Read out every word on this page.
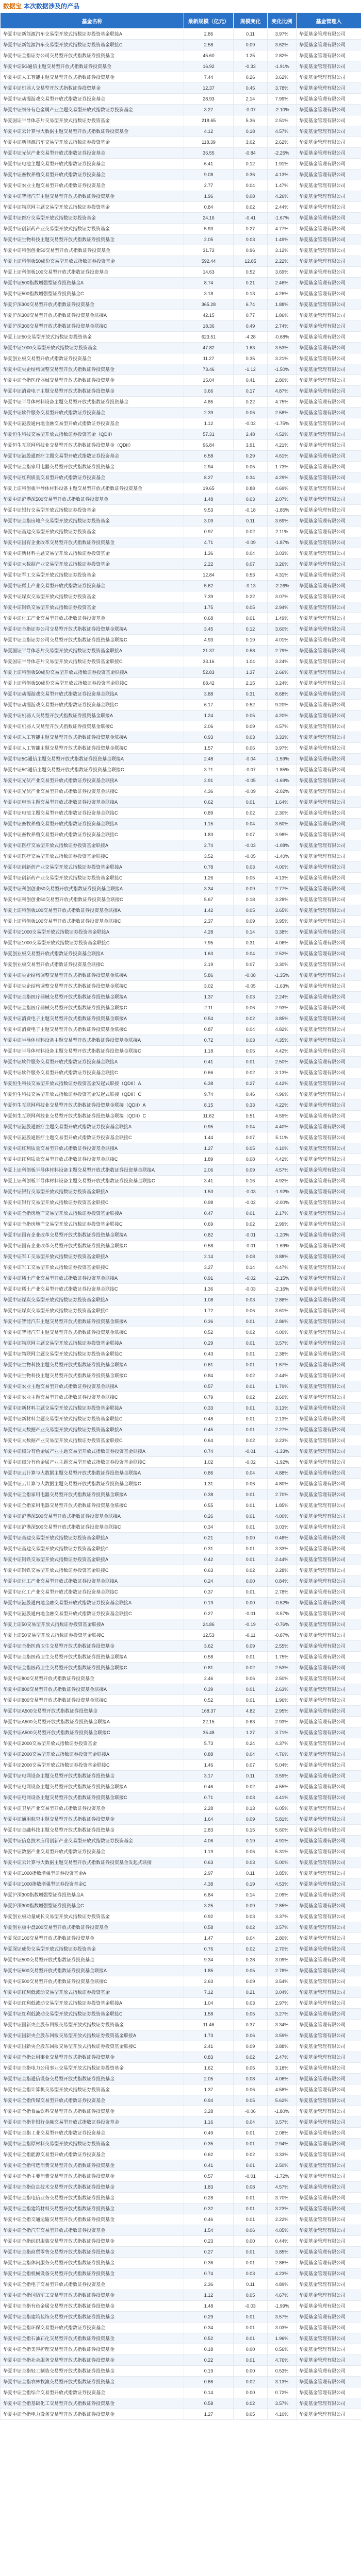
数据宝 本次数据涉及的产品
基金名称	最新规模（亿元）	规模变化	变化比例	基金管理人
华夏中证新能源汽车交易型开放式指数证券投资基金联接A	2.86	0.11	3.97%	华夏基金管理有限公司
华夏中证新能源汽车交易型开放式指数证券投资基金联接C	2.58	0.09	3.62%	华夏基金管理有限公司
华夏中证全指证券公司交易型开放式指数证券投资基金	45.60	1.25	2.82%	华夏基金管理有限公司
华夏中证5G通信主题交易型开放式指数证券投资基金	16.92	-0.33	-1.91%	华夏基金管理有限公司
华夏中证人工智能主题交易型开放式指数证券投资基金	7.44	0.26	3.62%	华夏基金管理有限公司
华夏中证机器人交易型开放式指数证券投资基金	12.37	0.45	3.78%	华夏基金管理有限公司
华夏中证动漫游戏交易型开放式指数证券投资基金	28.93	2.14	7.99%	华夏基金管理有限公司
华夏中证细分有色金属产业主题交易型开放式指数证券投资基金	3.27	-0.07	-2.10%	华夏基金管理有限公司
华夏国证半导体芯片交易型开放式指数证券投资基金	218.65	5.36	2.51%	华夏基金管理有限公司
华夏中证云计算与大数据主题交易型开放式指数证券投资基金	4.12	0.18	4.57%	华夏基金管理有限公司
华夏中证新能源汽车交易型开放式指数证券投资基金	118.39	3.02	2.62%	华夏基金管理有限公司
华夏中证光伏产业交易型开放式指数证券投资基金	36.55	-0.84	-2.25%	华夏基金管理有限公司
华夏中证电池主题交易型开放式指数证券投资基金	6.41	0.12	1.91%	华夏基金管理有限公司
华夏中证畜牧养殖交易型开放式指数证券投资基金	9.08	0.36	4.13%	华夏基金管理有限公司
华夏中证农业主题交易型开放式指数证券投资基金	2.77	0.04	1.47%	华夏基金管理有限公司
华夏中证智能汽车主题交易型开放式指数证券投资基金	1.96	0.08	4.26%	华夏基金管理有限公司
华夏中证物联网主题交易型开放式指数证券投资基金	0.84	0.02	2.44%	华夏基金管理有限公司
华夏中证医疗交易型开放式指数证券投资基金	24.16	-0.41	-1.67%	华夏基金管理有限公司
华夏中证创新药产业交易型开放式指数证券投资基金	5.93	0.27	4.77%	华夏基金管理有限公司
华夏中证生物科技主题交易型开放式指数证券投资基金	2.05	0.03	1.49%	华夏基金管理有限公司
华夏中证科创创业50交易型开放式指数证券投资基金	31.72	0.96	3.12%	华夏基金管理有限公司
华夏上证科创板50成份交易型开放式指数证券投资基金	592.44	12.85	2.22%	华夏基金管理有限公司
华夏上证科创板100交易型开放式指数证券投资基金	14.63	0.52	3.69%	华夏基金管理有限公司
华夏中证500指数增强型证券投资基金A	8.74	0.21	2.46%	华夏基金管理有限公司
华夏中证500指数增强型证券投资基金C	3.18	0.13	4.26%	华夏基金管理有限公司
华夏沪深300交易型开放式指数证券投资基金	365.28	6.74	1.88%	华夏基金管理有限公司
华夏沪深300交易型开放式指数证券投资基金联接A	42.15	0.77	1.86%	华夏基金管理有限公司
华夏沪深300交易型开放式指数证券投资基金联接C	18.36	0.49	2.74%	华夏基金管理有限公司
华夏上证50交易型开放式指数证券投资基金	623.51	-4.28	-0.68%	华夏基金管理有限公司
华夏中证1000交易型开放式指数证券投资基金	47.82	1.63	3.53%	华夏基金管理有限公司
华夏创业板交易型开放式指数证券投资基金	11.27	0.35	3.21%	华夏基金管理有限公司
华夏中证央企结构调整交易型开放式指数证券投资基金	73.46	-1.12	-1.50%	华夏基金管理有限公司
华夏中证全指医疗器械交易型开放式指数证券投资基金	15.04	0.41	2.80%	华夏基金管理有限公司
华夏中证消费电子主题交易型开放式指数证券投资基金	3.66	0.17	4.87%	华夏基金管理有限公司
华夏中证半导体材料设备主题交易型开放式指数证券投资基金	4.85	0.22	4.75%	华夏基金管理有限公司
华夏中证软件服务交易型开放式指数证券投资基金	2.39	0.06	2.58%	华夏基金管理有限公司
华夏中证港股通内地金融交易型开放式指数证券投资基金	1.12	-0.02	-1.75%	华夏基金管理有限公司
华夏恒生科技交易型开放式指数证券投资基金（QDII）	57.31	2.48	4.52%	华夏基金管理有限公司
华夏恒生互联网科技业交易型开放式指数证券投资基金（QDII）	96.84	3.91	4.21%	华夏基金管理有限公司
华夏中证港股通医疗主题交易型开放式指数证券投资基金	6.58	0.29	4.61%	华夏基金管理有限公司
华夏中证全指家用电器交易型开放式指数证券投资基金	2.94	0.05	1.73%	华夏基金管理有限公司
华夏中证红利质量交易型开放式指数证券投资基金	8.27	0.34	4.29%	华夏基金管理有限公司
华夏上证科创板半导体材料设备主题交易型开放式指数证券投资基金	19.65	0.88	4.69%	华夏基金管理有限公司
华夏中证沪港深500交易型开放式指数证券投资基金	1.48	0.03	2.07%	华夏基金管理有限公司
华夏中证银行交易型开放式指数证券投资基金	9.53	-0.18	-1.85%	华夏基金管理有限公司
华夏中证全指房地产交易型开放式指数证券投资基金	3.09	0.11	3.69%	华夏基金管理有限公司
华夏中证基建交易型开放式指数证券投资基金	0.97	0.02	2.11%	华夏基金管理有限公司
华夏中证国有企业改革交易型开放式指数证券投资基金	4.71	-0.09	-1.87%	华夏基金管理有限公司
华夏中证新材料主题交易型开放式指数证券投资基金	1.36	0.04	3.03%	华夏基金管理有限公司
华夏中证大数据产业交易型开放式指数证券投资基金	2.22	0.07	3.26%	华夏基金管理有限公司
华夏中证军工交易型开放式指数证券投资基金	12.84	0.53	4.31%	华夏基金管理有限公司
华夏中证稀土产业交易型开放式指数证券投资基金	5.62	-0.13	-2.26%	华夏基金管理有限公司
华夏中证煤炭交易型开放式指数证券投资基金	7.39	0.22	3.07%	华夏基金管理有限公司
华夏中证钢铁交易型开放式指数证券投资基金	1.75	0.05	2.94%	华夏基金管理有限公司
华夏中证化工产业交易型开放式指数证券投资基金	0.68	0.01	1.49%	华夏基金管理有限公司
华夏中证全指证券公司交易型开放式指数证券投资基金联接A	3.45	0.12	3.60%	华夏基金管理有限公司
华夏中证全指证券公司交易型开放式指数证券投资基金联接C	4.93	0.19	4.01%	华夏基金管理有限公司
华夏国证半导体芯片交易型开放式指数证券投资基金联接A	21.37	0.58	2.79%	华夏基金管理有限公司
华夏国证半导体芯片交易型开放式指数证券投资基金联接C	33.16	1.04	3.24%	华夏基金管理有限公司
华夏上证科创板50成份交易型开放式指数证券投资基金联接A	52.83	1.37	2.66%	华夏基金管理有限公司
华夏上证科创板50成份交易型开放式指数证券投资基金联接C	68.42	2.15	3.24%	华夏基金管理有限公司
华夏中证动漫游戏交易型开放式指数证券投资基金联接A	3.88	0.31	8.68%	华夏基金管理有限公司
华夏中证动漫游戏交易型开放式指数证券投资基金联接C	6.17	0.52	9.20%	华夏基金管理有限公司
华夏中证机器人交易型开放式指数证券投资基金联接A	1.24	0.05	4.20%	华夏基金管理有限公司
华夏中证机器人交易型开放式指数证券投资基金联接C	2.06	0.09	4.57%	华夏基金管理有限公司
华夏中证人工智能主题交易型开放式指数证券投资基金联接A	0.93	0.03	3.33%	华夏基金管理有限公司
华夏中证人工智能主题交易型开放式指数证券投资基金联接C	1.57	0.06	3.97%	华夏基金管理有限公司
华夏中证5G通信主题交易型开放式指数证券投资基金联接A	2.48	-0.04	-1.59%	华夏基金管理有限公司
华夏中证5G通信主题交易型开放式指数证券投资基金联接C	3.71	-0.07	-1.85%	华夏基金管理有限公司
华夏中证光伏产业交易型开放式指数证券投资基金联接A	2.91	-0.05	-1.69%	华夏基金管理有限公司
华夏中证光伏产业交易型开放式指数证券投资基金联接C	4.36	-0.09	-2.02%	华夏基金管理有限公司
华夏中证电池主题交易型开放式指数证券投资基金联接A	0.62	0.01	1.64%	华夏基金管理有限公司
华夏中证电池主题交易型开放式指数证券投资基金联接C	0.89	0.02	2.30%	华夏基金管理有限公司
华夏中证畜牧养殖交易型开放式指数证券投资基金联接A	1.15	0.04	3.60%	华夏基金管理有限公司
华夏中证畜牧养殖交易型开放式指数证券投资基金联接C	1.83	0.07	3.98%	华夏基金管理有限公司
华夏中证医疗交易型开放式指数证券投资基金联接A	2.74	-0.03	-1.08%	华夏基金管理有限公司
华夏中证医疗交易型开放式指数证券投资基金联接C	3.52	-0.05	-1.40%	华夏基金管理有限公司
华夏中证创新药产业交易型开放式指数证券投资基金联接A	0.78	0.03	4.00%	华夏基金管理有限公司
华夏中证创新药产业交易型开放式指数证券投资基金联接C	1.26	0.05	4.13%	华夏基金管理有限公司
华夏中证科创创业50交易型开放式指数证券投资基金联接A	3.34	0.09	2.77%	华夏基金管理有限公司
华夏中证科创创业50交易型开放式指数证券投资基金联接C	5.67	0.18	3.28%	华夏基金管理有限公司
华夏上证科创板100交易型开放式指数证券投资基金联接A	1.42	0.05	3.65%	华夏基金管理有限公司
华夏上证科创板100交易型开放式指数证券投资基金联接C	2.37	0.09	3.95%	华夏基金管理有限公司
华夏中证1000交易型开放式指数证券投资基金联接A	4.28	0.14	3.38%	华夏基金管理有限公司
华夏中证1000交易型开放式指数证券投资基金联接C	7.95	0.31	4.06%	华夏基金管理有限公司
华夏创业板交易型开放式指数证券投资基金联接A	1.63	0.04	2.52%	华夏基金管理有限公司
华夏创业板交易型开放式指数证券投资基金联接C	2.19	0.07	3.30%	华夏基金管理有限公司
华夏中证央企结构调整交易型开放式指数证券投资基金联接A	5.86	-0.08	-1.35%	华夏基金管理有限公司
华夏中证央企结构调整交易型开放式指数证券投资基金联接C	3.02	-0.05	-1.63%	华夏基金管理有限公司
华夏中证全指医疗器械交易型开放式指数证券投资基金联接A	1.37	0.03	2.24%	华夏基金管理有限公司
华夏中证全指医疗器械交易型开放式指数证券投资基金联接C	2.11	0.06	2.93%	华夏基金管理有限公司
华夏中证消费电子主题交易型开放式指数证券投资基金联接A	0.54	0.02	3.85%	华夏基金管理有限公司
华夏中证消费电子主题交易型开放式指数证券投资基金联接C	0.87	0.04	4.82%	华夏基金管理有限公司
华夏中证半导体材料设备主题交易型开放式指数证券投资基金联接A	0.72	0.03	4.35%	华夏基金管理有限公司
华夏中证半导体材料设备主题交易型开放式指数证券投资基金联接C	1.18	0.05	4.42%	华夏基金管理有限公司
华夏中证软件服务交易型开放式指数证券投资基金联接A	0.41	0.01	2.50%	华夏基金管理有限公司
华夏中证软件服务交易型开放式指数证券投资基金联接C	0.66	0.02	3.13%	华夏基金管理有限公司
华夏恒生科技交易型开放式指数证券投资基金发起式联接（QDII）A	6.38	0.27	4.42%	华夏基金管理有限公司
华夏恒生科技交易型开放式指数证券投资基金发起式联接（QDII）C	9.74	0.46	4.96%	华夏基金管理有限公司
华夏恒生互联网科技业交易型开放式指数证券投资基金联接（QDII）A	8.15	0.33	4.22%	华夏基金管理有限公司
华夏恒生互联网科技业交易型开放式指数证券投资基金联接（QDII）C	11.62	0.51	4.59%	华夏基金管理有限公司
华夏中证港股通医疗主题交易型开放式指数证券投资基金联接A	0.95	0.04	4.40%	华夏基金管理有限公司
华夏中证港股通医疗主题交易型开放式指数证券投资基金联接C	1.44	0.07	5.11%	华夏基金管理有限公司
华夏中证红利质量交易型开放式指数证券投资基金联接A	1.27	0.05	4.10%	华夏基金管理有限公司
华夏中证红利质量交易型开放式指数证券投资基金联接C	1.89	0.08	4.42%	华夏基金管理有限公司
华夏上证科创板半导体材料设备主题交易型开放式指数证券投资基金联接A	2.06	0.09	4.57%	华夏基金管理有限公司
华夏上证科创板半导体材料设备主题交易型开放式指数证券投资基金联接C	3.41	0.16	4.92%	华夏基金管理有限公司
华夏中证银行交易型开放式指数证券投资基金联接A	1.53	-0.03	-1.92%	华夏基金管理有限公司
华夏中证银行交易型开放式指数证券投资基金联接C	0.98	-0.02	-2.00%	华夏基金管理有限公司
华夏中证全指房地产交易型开放式指数证券投资基金联接A	0.47	0.01	2.17%	华夏基金管理有限公司
华夏中证全指房地产交易型开放式指数证券投资基金联接C	0.69	0.02	2.99%	华夏基金管理有限公司
华夏中证国有企业改革交易型开放式指数证券投资基金联接A	0.82	-0.01	-1.20%	华夏基金管理有限公司
华夏中证国有企业改革交易型开放式指数证券投资基金联接C	0.58	-0.01	-1.69%	华夏基金管理有限公司
华夏中证军工交易型开放式指数证券投资基金联接A	2.14	0.08	3.88%	华夏基金管理有限公司
华夏中证军工交易型开放式指数证券投资基金联接C	3.27	0.14	4.47%	华夏基金管理有限公司
华夏中证稀土产业交易型开放式指数证券投资基金联接A	0.91	-0.02	-2.15%	华夏基金管理有限公司
华夏中证稀土产业交易型开放式指数证券投资基金联接C	1.36	-0.03	-2.16%	华夏基金管理有限公司
华夏中证煤炭交易型开放式指数证券投资基金联接A	1.08	0.03	2.86%	华夏基金管理有限公司
华夏中证煤炭交易型开放式指数证券投资基金联接C	1.72	0.06	3.61%	华夏基金管理有限公司
华夏中证智能汽车主题交易型开放式指数证券投资基金联接A	0.36	0.01	2.86%	华夏基金管理有限公司
华夏中证智能汽车主题交易型开放式指数证券投资基金联接C	0.52	0.02	4.00%	华夏基金管理有限公司
华夏中证物联网主题交易型开放式指数证券投资基金联接A	0.29	0.01	3.57%	华夏基金管理有限公司
华夏中证物联网主题交易型开放式指数证券投资基金联接C	0.43	0.01	2.38%	华夏基金管理有限公司
华夏中证生物科技主题交易型开放式指数证券投资基金联接A	0.61	0.01	1.67%	华夏基金管理有限公司
华夏中证生物科技主题交易型开放式指数证券投资基金联接C	0.84	0.02	2.44%	华夏基金管理有限公司
华夏中证农业主题交易型开放式指数证券投资基金联接A	0.57	0.01	1.79%	华夏基金管理有限公司
华夏中证农业主题交易型开放式指数证券投资基金联接C	0.79	0.02	2.60%	华夏基金管理有限公司
华夏中证新材料主题交易型开放式指数证券投资基金联接A	0.33	0.01	3.13%	华夏基金管理有限公司
华夏中证新材料主题交易型开放式指数证券投资基金联接C	0.48	0.01	2.13%	华夏基金管理有限公司
华夏中证大数据产业交易型开放式指数证券投资基金联接A	0.45	0.01	2.27%	华夏基金管理有限公司
华夏中证大数据产业交易型开放式指数证券投资基金联接C	0.64	0.02	3.23%	华夏基金管理有限公司
华夏中证细分有色金属产业主题交易型开放式指数证券投资基金联接A	0.74	-0.01	-1.33%	华夏基金管理有限公司
华夏中证细分有色金属产业主题交易型开放式指数证券投资基金联接C	1.02	-0.02	-1.92%	华夏基金管理有限公司
华夏中证云计算与大数据主题交易型开放式指数证券投资基金联接A	0.86	0.04	4.88%	华夏基金管理有限公司
华夏中证云计算与大数据主题交易型开放式指数证券投资基金联接C	1.31	0.06	4.80%	华夏基金管理有限公司
华夏中证全指家用电器交易型开放式指数证券投资基金联接A	0.38	0.01	2.70%	华夏基金管理有限公司
华夏中证全指家用电器交易型开放式指数证券投资基金联接C	0.55	0.01	1.85%	华夏基金管理有限公司
华夏中证沪港深500交易型开放式指数证券投资基金联接A	0.26	0.01	4.00%	华夏基金管理有限公司
华夏中证沪港深500交易型开放式指数证券投资基金联接C	0.34	0.01	3.03%	华夏基金管理有限公司
华夏中证基建交易型开放式指数证券投资基金联接A	0.21	0.00	0.48%	华夏基金管理有限公司
华夏中证基建交易型开放式指数证券投资基金联接C	0.31	0.01	3.33%	华夏基金管理有限公司
华夏中证钢铁交易型开放式指数证券投资基金联接A	0.42	0.01	2.44%	华夏基金管理有限公司
华夏中证钢铁交易型开放式指数证券投资基金联接C	0.63	0.02	3.28%	华夏基金管理有限公司
华夏中证化工产业交易型开放式指数证券投资基金联接A	0.24	0.00	0.84%	华夏基金管理有限公司
华夏中证化工产业交易型开放式指数证券投资基金联接C	0.37	0.01	2.78%	华夏基金管理有限公司
华夏中证港股通内地金融交易型开放式指数证券投资基金联接A	0.19	0.00	-0.52%	华夏基金管理有限公司
华夏中证港股通内地金融交易型开放式指数证券投资基金联接C	0.27	-0.01	-3.57%	华夏基金管理有限公司
华夏上证50交易型开放式指数证券投资基金联接A	24.86	-0.19	-0.76%	华夏基金管理有限公司
华夏上证50交易型开放式指数证券投资基金联接C	12.53	-0.11	-0.87%	华夏基金管理有限公司
华夏中证全指医药卫生交易型开放式指数证券投资基金	3.62	0.09	2.55%	华夏基金管理有限公司
华夏中证全指医药卫生交易型开放式指数证券投资基金联接A	0.58	0.01	1.75%	华夏基金管理有限公司
华夏中证全指医药卫生交易型开放式指数证券投资基金联接C	0.81	0.02	2.53%	华夏基金管理有限公司
华夏中证800交易型开放式指数证券投资基金	2.46	0.06	2.50%	华夏基金管理有限公司
华夏中证800交易型开放式指数证券投资基金联接A	0.39	0.01	2.63%	华夏基金管理有限公司
华夏中证800交易型开放式指数证券投资基金联接C	0.52	0.01	1.96%	华夏基金管理有限公司
华夏中证A500交易型开放式指数证券投资基金	168.37	4.82	2.95%	华夏基金管理有限公司
华夏中证A500交易型开放式指数证券投资基金联接A	22.15	0.63	2.93%	华夏基金管理有限公司
华夏中证A500交易型开放式指数证券投资基金联接C	35.48	1.27	3.71%	华夏基金管理有限公司
华夏中证2000交易型开放式指数证券投资基金	5.73	0.24	4.37%	华夏基金管理有限公司
华夏中证2000交易型开放式指数证券投资基金联接A	0.88	0.04	4.76%	华夏基金管理有限公司
华夏中证2000交易型开放式指数证券投资基金联接C	1.46	0.07	5.04%	华夏基金管理有限公司
华夏中证电网设备主题交易型开放式指数证券投资基金	3.17	0.11	3.59%	华夏基金管理有限公司
华夏中证电网设备主题交易型开放式指数证券投资基金联接A	0.46	0.02	4.55%	华夏基金管理有限公司
华夏中证电网设备主题交易型开放式指数证券投资基金联接C	0.71	0.03	4.41%	华夏基金管理有限公司
华夏中证卫星产业交易型开放式指数证券投资基金	2.28	0.13	6.05%	华夏基金管理有限公司
华夏中证通用航空主题交易型开放式指数证券投资基金	1.64	0.09	5.81%	华夏基金管理有限公司
华夏中证金融科技主题交易型开放式指数证券投资基金	2.83	0.15	5.60%	华夏基金管理有限公司
华夏中证信息技术应用创新产业交易型开放式指数证券投资基金	4.06	0.19	4.91%	华夏基金管理有限公司
华夏中证数据产业交易型开放式指数证券投资基金	1.19	0.06	5.31%	华夏基金管理有限公司
华夏中证云计算与大数据主题交易型开放式指数证券投资基金发起式联接	0.63	0.03	5.00%	华夏基金管理有限公司
华夏中证1000指数增强型证券投资基金A	2.97	0.11	3.85%	华夏基金管理有限公司
华夏中证1000指数增强型证券投资基金C	4.38	0.19	4.53%	华夏基金管理有限公司
华夏沪深300指数增强型证券投资基金A	6.84	0.14	2.09%	华夏基金管理有限公司
华夏沪深300指数增强型证券投资基金C	3.25	0.09	2.85%	华夏基金管理有限公司
华夏创业板动量成长交易型开放式指数证券投资基金	0.92	0.03	3.37%	华夏基金管理有限公司
华夏创业板中盘200交易型开放式指数证券投资基金	0.58	0.02	3.57%	华夏基金管理有限公司
华夏深证100交易型开放式指数证券投资基金	1.47	0.04	2.80%	华夏基金管理有限公司
华夏深证成份交易型开放式指数证券投资基金	0.76	0.02	2.70%	华夏基金管理有限公司
华夏中证500交易型开放式指数证券投资基金	9.34	0.28	3.09%	华夏基金管理有限公司
华夏中证500交易型开放式指数证券投资基金联接A	1.85	0.05	2.78%	华夏基金管理有限公司
华夏中证500交易型开放式指数证券投资基金联接C	2.63	0.09	3.54%	华夏基金管理有限公司
华夏中证红利低波动交易型开放式指数证券投资基金	7.12	0.21	3.04%	华夏基金管理有限公司
华夏中证红利低波动交易型开放式指数证券投资基金联接A	1.04	0.03	2.97%	华夏基金管理有限公司
华夏中证红利低波动交易型开放式指数证券投资基金联接C	1.58	0.05	3.27%	华夏基金管理有限公司
华夏中证国新央企股东回报交易型开放式指数证券投资基金	11.46	0.37	3.34%	华夏基金管理有限公司
华夏中证国新央企股东回报交易型开放式指数证券投资基金联接A	1.73	0.06	3.59%	华夏基金管理有限公司
华夏中证国新央企股东回报交易型开放式指数证券投资基金联接C	2.41	0.09	3.88%	华夏基金管理有限公司
华夏中证全指公用事业交易型开放式指数证券投资基金	0.83	0.02	2.47%	华夏基金管理有限公司
华夏中证全指电力公用事业交易型开放式指数证券投资基金	1.62	0.05	3.18%	华夏基金管理有限公司
华夏中证全指通信设备交易型开放式指数证券投资基金	2.05	0.08	4.06%	华夏基金管理有限公司
华夏中证全指计算机交易型开放式指数证券投资基金	1.37	0.06	4.58%	华夏基金管理有限公司
华夏中证全指传媒交易型开放式指数证券投资基金	0.94	0.05	5.62%	华夏基金管理有限公司
华夏中证全指食品饮料交易型开放式指数证券投资基金	3.28	-0.06	-1.80%	华夏基金管理有限公司
华夏中证全指非银行金融交易型开放式指数证券投资基金	1.16	0.04	3.57%	华夏基金管理有限公司
华夏中证全指工业交易型开放式指数证券投资基金	0.49	0.01	2.08%	华夏基金管理有限公司
华夏中证全指原材料交易型开放式指数证券投资基金	0.35	0.01	2.94%	华夏基金管理有限公司
华夏中证全指能源交易型开放式指数证券投资基金	0.62	0.02	3.33%	华夏基金管理有限公司
华夏中证全指可选消费交易型开放式指数证券投资基金	0.41	0.01	2.50%	华夏基金管理有限公司
华夏中证全指主要消费交易型开放式指数证券投资基金	0.57	-0.01	-1.72%	华夏基金管理有限公司
华夏中证全指信息技术交易型开放式指数证券投资基金	1.83	0.08	4.57%	华夏基金管理有限公司
华夏中证全指电信业务交易型开放式指数证券投资基金	0.28	0.01	3.70%	华夏基金管理有限公司
华夏中证全指建筑材料交易型开放式指数证券投资基金	0.32	0.01	3.23%	华夏基金管理有限公司
华夏中证全指交通运输交易型开放式指数证券投资基金	0.46	0.01	2.22%	华夏基金管理有限公司
华夏中证全指汽车交易型开放式指数证券投资基金	1.54	0.06	4.05%	华夏基金管理有限公司
华夏中证全指纺织服装交易型开放式指数证券投资基金	0.23	0.00	0.44%	华夏基金管理有限公司
华夏中证全指商贸零售交易型开放式指数证券投资基金	0.27	0.01	3.85%	华夏基金管理有限公司
华夏中证全指休闲服务交易型开放式指数证券投资基金	0.36	0.01	2.86%	华夏基金管理有限公司
华夏中证全指机械设备交易型开放式指数证券投资基金	0.74	0.03	4.23%	华夏基金管理有限公司
华夏中证全指电子交易型开放式指数证券投资基金	2.36	0.11	4.89%	华夏基金管理有限公司
华夏中证全指国防军工交易型开放式指数证券投资基金	1.12	0.05	4.67%	华夏基金管理有限公司
华夏中证全指有色金属交易型开放式指数证券投资基金	1.48	-0.03	-1.99%	华夏基金管理有限公司
华夏中证全指建筑装饰交易型开放式指数证券投资基金	0.29	0.01	3.57%	华夏基金管理有限公司
华夏中证全指环保交易型开放式指数证券投资基金	0.34	0.01	3.03%	华夏基金管理有限公司
华夏中证全指石油石化交易型开放式指数证券投资基金	0.52	0.01	1.96%	华夏基金管理有限公司
华夏中证全指美容护理交易型开放式指数证券投资基金	0.18	0.00	0.56%	华夏基金管理有限公司
华夏中证全指社会服务交易型开放式指数证券投资基金	0.22	0.01	4.76%	华夏基金管理有限公司
华夏中证全指轻工制造交易型开放式指数证券投资基金	0.19	0.00	0.53%	华夏基金管理有限公司
华夏中证全指农林牧渔交易型开放式指数证券投资基金	0.66	0.02	3.13%	华夏基金管理有限公司
华夏中证全指综合交易型开放式指数证券投资基金	0.14	0.00	0.72%	华夏基金管理有限公司
华夏中证全指基础化工交易型开放式指数证券投资基金	0.58	0.02	3.57%	华夏基金管理有限公司
华夏中证全指电力设备交易型开放式指数证券投资基金	1.27	0.05	4.10%	华夏基金管理有限公司
